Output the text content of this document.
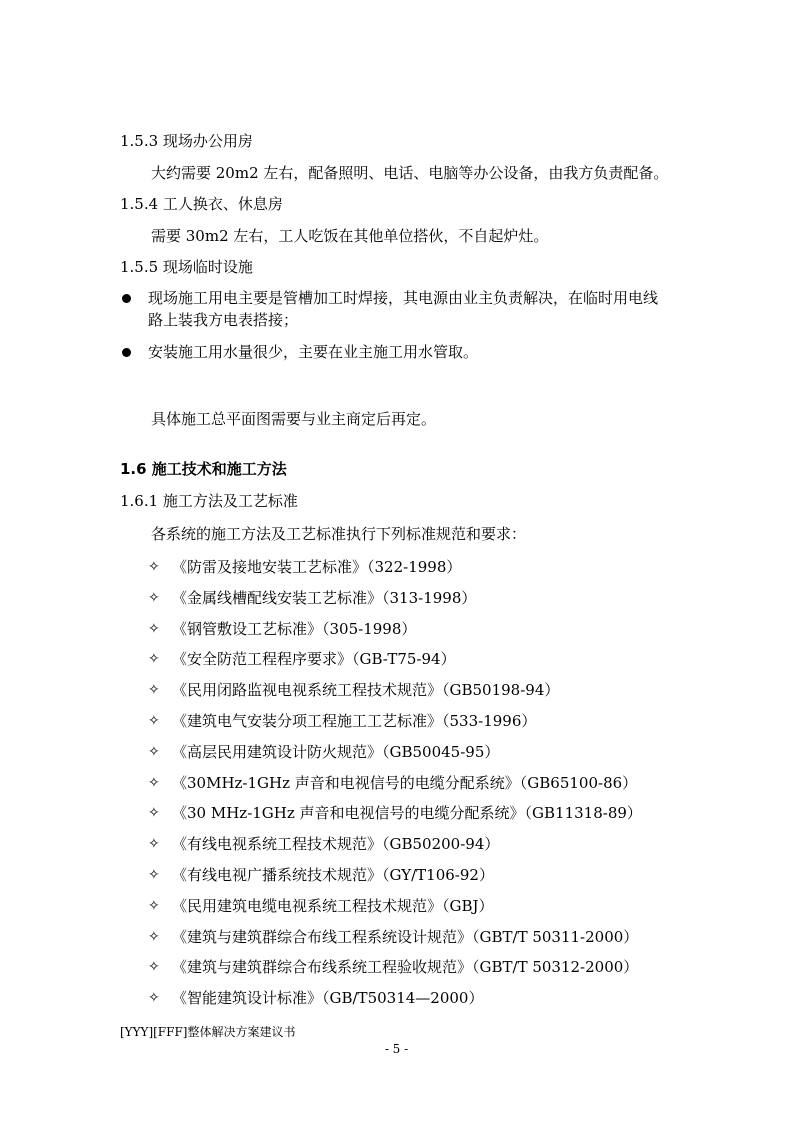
1.5.3 现场办公用房
大约需要 20m2 左右，配备照明、电话、电脑等办公设备，由我方负责配备。
1.5.4 工人换衣、休息房
需要 30m2 左右，工人吃饭在其他单位搭伙，不自起炉灶。
1.5.5 现场临时设施
现场施工用电主要是管槽加工时焊接，其电源由业主负责解决，在临时用电线
路上装我方电表搭接；
安装施工用水量很少，主要在业主施工用水管取。
具体施工总平面图需要与业主商定后再定。
1.6 施工技术和施工方法
1.6.1 施工方法及工艺标准
各系统的施工方法及工艺标准执行下列标准规范和要求：
✧ 《防雷及接地安装工艺标准》（322-1998）
✧ 《金属线槽配线安装工艺标准》（313-1998）
✧ 《钢管敷设工艺标准》（305-1998）
✧ 《安全防范工程程序要求》（GB-T75-94）
✧ 《民用闭路监视电视系统工程技术规范》（GB50198-94）
✧ 《建筑电气安装分项工程施工工艺标准》（533-1996）
✧ 《高层民用建筑设计防火规范》（GB50045-95）
✧ 《30MHz-1GHz 声音和电视信号的电缆分配系统》（GB65100-86）
✧ 《30 MHz-1GHz 声音和电视信号的电缆分配系统》（GB11318-89）
✧ 《有线电视系统工程技术规范》（GB50200-94）
✧ 《有线电视广播系统技术规范》（GY/T106-92）
✧ 《民用建筑电缆电视系统工程技术规范》（GBJ）
✧ 《建筑与建筑群综合布线工程系统设计规范》（GBT/T 50311-2000）
✧ 《建筑与建筑群综合布线系统工程验收规范》（GBT/T 50312-2000）
✧ 《智能建筑设计标准》（GB/T50314—2000）
[YYY][FFF]整体解决方案建议书
- 5 -
